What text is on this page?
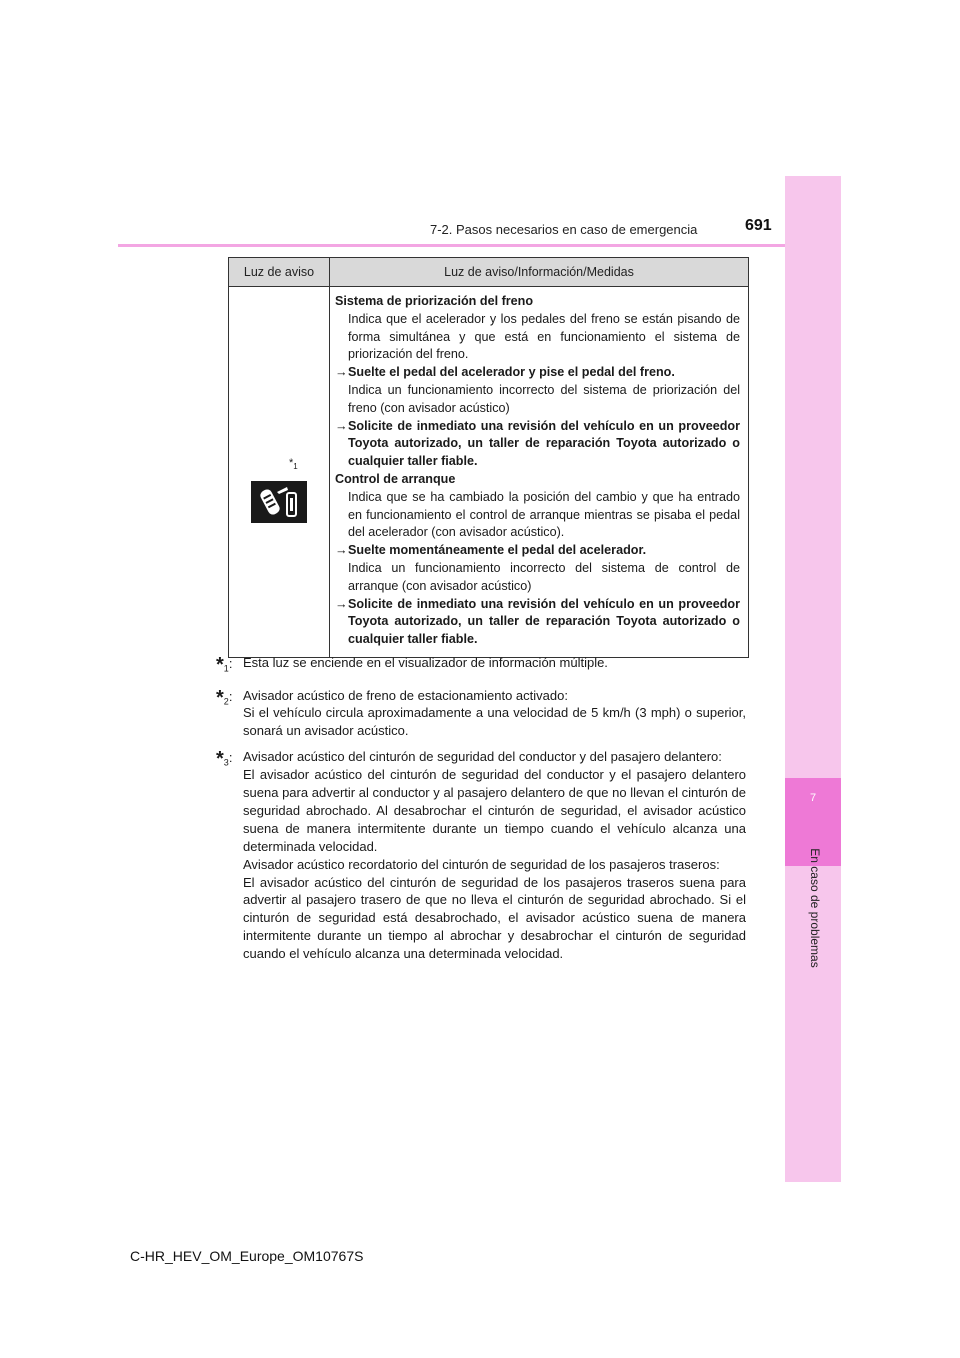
7
En caso de problemas
7-2. Pasos necesarios en caso de emergencia	691
Luz de aviso	Luz de aviso/Información/Medidas
$*_1$
Sistema de priorización del freno
Indica que el acelerador y los pedales del freno se están pisando de forma simultánea y que está en funcionamiento el sistema de priorización del freno.
→ Suelte el pedal del acelerador y pise el pedal del freno.
Indica un funcionamiento incorrecto del sistema de priorización del freno (con avisador acústico)
→ Solicite de inmediato una revisión del vehículo en un proveedor Toyota autorizado, un taller de reparación Toyota autorizado o cualquier taller fiable.
Control de arranque
Indica que se ha cambiado la posición del cambio y que ha entrado en funcionamiento el control de arranque mientras se pisaba el pedal del acelerador (con avisador acústico).
→ Suelte momentáneamente el pedal del acelerador.
Indica un funcionamiento incorrecto del sistema de control de arranque (con avisador acústico)
→ Solicite de inmediato una revisión del vehículo en un proveedor Toyota autorizado, un taller de reparación Toyota autorizado o cualquier taller fiable.
$*_1$: Esta luz se enciende en el visualizador de información múltiple.
$*_2$: Avisador acústico de freno de estacionamiento activado:
Si el vehículo circula aproximadamente a una velocidad de 5 km/h (3 mph) o superior, sonará un avisador acústico.
$*_3$: Avisador acústico del cinturón de seguridad del conductor y del pasajero delantero:
El avisador acústico del cinturón de seguridad del conductor y el pasajero delantero suena para advertir al conductor y al pasajero delantero de que no llevan el cinturón de seguridad abrochado. Al desabrochar el cinturón de seguridad, el avisador acústico suena de manera intermitente durante un tiempo cuando el vehículo alcanza una determinada velocidad.
Avisador acústico recordatorio del cinturón de seguridad de los pasajeros traseros:
El avisador acústico del cinturón de seguridad de los pasajeros traseros suena para advertir al pasajero trasero de que no lleva el cinturón de seguridad abrochado. Si el cinturón de seguridad está desabrochado, el avisador acústico suena de manera intermitente durante un tiempo al abrochar y desabrochar el cinturón de seguridad cuando el vehículo alcanza una determinada velocidad.
C-HR_HEV_OM_Europe_OM10767S
